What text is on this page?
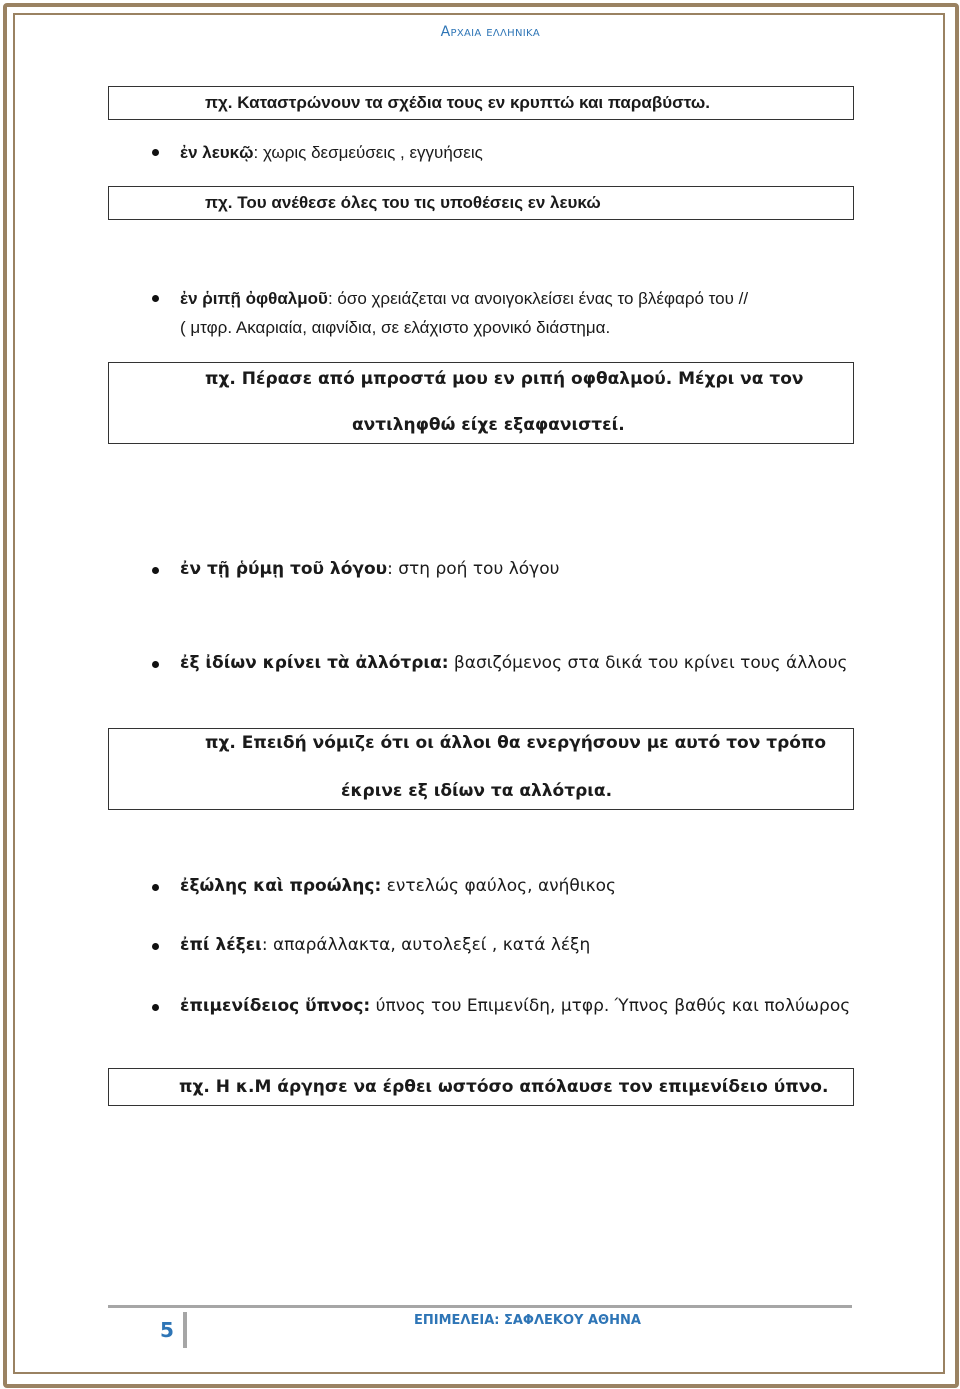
Αρχαια ελληνικα
πχ. Καταστρώνουν τα σχέδια τους εν κρυπτώ και παραβύστω.
ἐν λευκῷ: χωρις δεσμεύσεις , εγγυήσεις
πχ. Του ανέθεσε όλες του τις υποθέσεις εν λευκώ
ἐν ῥιπῇ ὀφθαλμοῦ: όσο χρειάζεται να ανοιγοκλείσει ένας το βλέφαρό του //
( μτφρ. Ακαριαία, αιφνίδια, σε ελάχιστο χρονικό διάστημα.
πχ. Πέρασε από μπροστά μου εν ριπή οφθαλμού. Μέχρι να τον
αντιληφθώ είχε εξαφανιστεί.
ἐν τῇ ῥύμῃ τοῦ λόγου: στη ροή του λόγου
ἐξ ἰδίων κρίνει τὰ ἀλλότρια: βασιζόμενος στα δικά του κρίνει τους άλλους
πχ. Επειδή νόμιζε ότι οι άλλοι θα ενεργήσουν με αυτό τον τρόπο
έκρινε εξ ιδίων τα αλλότρια.
ἐξώλης καὶ προώλης: εντελώς φαύλος, ανήθικος
ἐπί λέξει: απαράλλακτα, αυτολεξεί , κατά λέξη
ἐπιμενίδειος ὕπνος: ύπνος του Επιμενίδη, μτφρ. Ύπνος βαθύς και πολύωρος
πχ. Η κ.Μ άργησε να έρθει ωστόσο απόλαυσε τον επιμενίδειο ύπνο.
5	ΕΠΙΜΕΛΕΙΑ: ΣΑΦΛΕΚΟΥ ΑΘΗΝΑ
